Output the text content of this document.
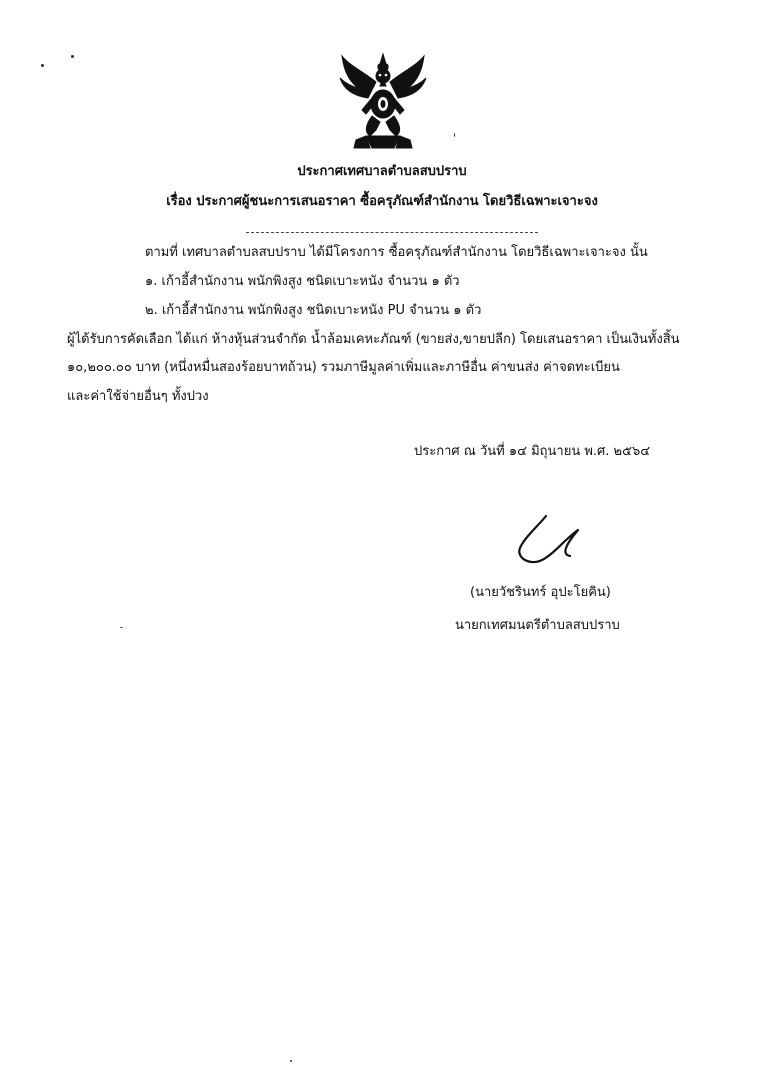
ประกาศเทศบาลตำบลสบปราบ
เรื่อง ประกาศผู้ชนะการเสนอราคา ซื้อครุภัณฑ์สำนักงาน โดยวิธีเฉพาะเจาะจง
ตามที่ เทศบาลตำบลสบปราบ ได้มีโครงการ ซื้อครุภัณฑ์สำนักงาน โดยวิธีเฉพาะเจาะจง นั้น
๑. เก้าอี้สำนักงาน พนักพิงสูง ชนิดเบาะหนัง จำนวน ๑ ตัว
๒. เก้าอี้สำนักงาน พนักพิงสูง ชนิดเบาะหนัง PU จำนวน ๑ ตัว
ผู้ได้รับการคัดเลือก ได้แก่ ห้างหุ้นส่วนจำกัด น้ำล้อมเคหะภัณฑ์ (ขายส่ง,ขายปลีก) โดยเสนอราคา เป็นเงินทั้งสิ้น
๑๐,๒๐๐.๐๐ บาท (หนึ่งหมื่นสองร้อยบาทถ้วน) รวมภาษีมูลค่าเพิ่มและภาษีอื่น ค่าขนส่ง ค่าจดทะเบียน
และค่าใช้จ่ายอื่นๆ ทั้งปวง
ประกาศ ณ วันที่ ๑๔ มิถุนายน พ.ศ. ๒๕๖๔
(นายวัชรินทร์ อุปะโยคิน)
นายกเทศมนตรีตำบลสบปราบ
